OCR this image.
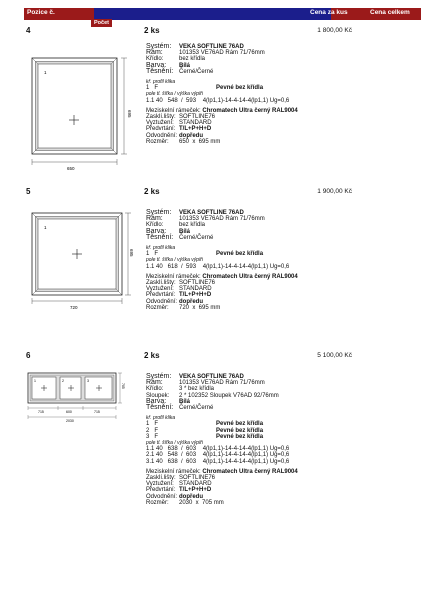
Pozice č.	Cena za kus	Cena celkem
Počet
4	2 ks	1 800,00 Kč
1
650
695
Systém: VEKA SOFTLINE 76AD
Rám:	101353 VE76AD Rám 71/76mm
Křídlo:	bez křídla
Barva: Bílá
Těsnění: Černé/Černé
kř. profil klika
1 F	Pevné bez křídla
pole tl. šířka / výška výplň
1.1 40   548  /  593    4(lp1,1)-14-4-14-4(lp1,1) Ug=0,6
Meziskelní rámeček: Chromatech Ultra černý RAL9004
Zasklí.lišty: SOFTLINE76
Vyztužení: STANDARD
Předvrtání: T/L+P+H+D
Odvodnění: dopředu
Rozměr: 650  x  695 mm
5	2 ks	1 900,00 Kč
1
720
695
Systém: VEKA SOFTLINE 76AD
Rám:	101353 VE76AD Rám 71/76mm
Křídlo:	bez křídla
Barva: Bílá
Těsnění: Černé/Černé
kř. profil klika
1 F	Pevné bez křídla
pole tl. šířka / výška výplň
1.1 40   618  /  593    4(lp1,1)-14-4-14-4(lp1,1) Ug=0,6
Meziskelní rámeček: Chromatech Ultra černý RAL9004
Zasklí.lišty: SOFTLINE76
Vyztužení: STANDARD
Předvrtání: T/L+P+H+D
Odvodnění: dopředu
Rozměr: 720  x  695 mm
6	2 ks	5 100,00 Kč
1	2	3
715	600	715
2030
705
Systém: VEKA SOFTLINE 76AD
Rám:	101353 VE76AD Rám 71/76mm
Křídlo:	3 * bez křídla
Sloupek: 2 * 102352 Sloupek V76AD 92/76mm
Barva: Bílá
Těsnění: Černé/Černé
kř. profil klika
1 F	Pevné bez křídla
2 F	Pevné bez křídla
3 F	Pevné bez křídla
pole tl. šířka / výška výplň
1.1 40   638  /  603    4(lp1,1)-14-4-14-4(lp1,1) Ug=0,6
2.1 40   548  /  603    4(lp1,1)-14-4-14-4(lp1,1) Ug=0,6
3.1 40   638  /  603    4(lp1,1)-14-4-14-4(lp1,1) Ug=0,6
Meziskelní rámeček: Chromatech Ultra černý RAL9004
Zasklí.lišty: SOFTLINE76
Vyztužení: STANDARD
Předvrtání: T/L+P+H+D
Odvodnění: dopředu
Rozměr: 2030  x  705 mm
